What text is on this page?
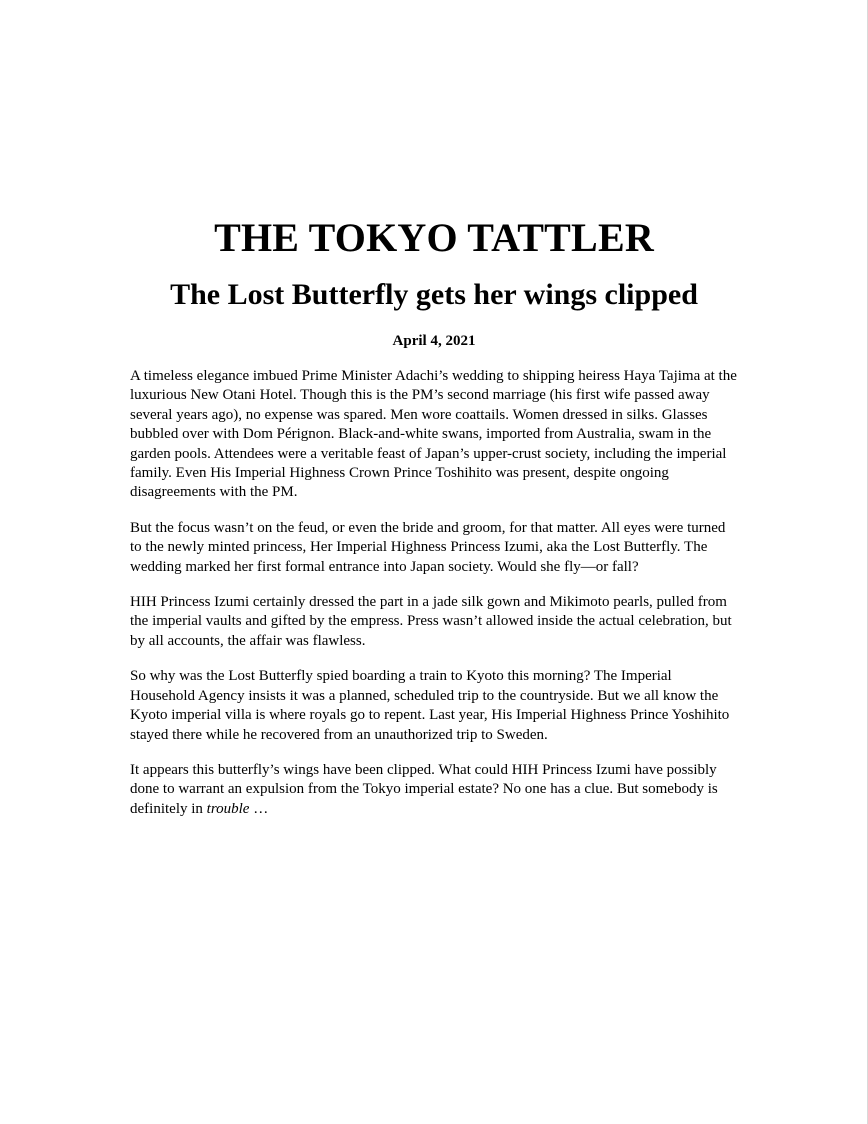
THE TOKYO TATTLER
The Lost Butterfly gets her wings clipped
April 4, 2021

A timeless elegance imbued Prime Minister Adachi’s wedding to shipping heiress Haya Tajima at the luxurious New Otani Hotel. Though this is the PM’s second marriage (his first wife passed away several years ago), no expense was spared. Men wore coattails. Women dressed in silks. Glasses bubbled over with Dom Pérignon. Black-and-white swans, imported from Australia, swam in the garden pools. Attendees were a veritable feast of Japan’s upper-crust society, including the imperial family. Even His Imperial Highness Crown Prince Toshihito was present, despite ongoing disagreements with the PM.

But the focus wasn’t on the feud, or even the bride and groom, for that matter. All eyes were turned to the newly minted princess, Her Imperial Highness Princess Izumi, aka the Lost Butterfly. The wedding marked her first formal entrance into Japan society. Would she fly—or fall?

HIH Princess Izumi certainly dressed the part in a jade silk gown and Mikimoto pearls, pulled from the imperial vaults and gifted by the empress. Press wasn’t allowed inside the actual celebration, but by all accounts, the affair was flawless.

So why was the Lost Butterfly spied boarding a train to Kyoto this morning? The Imperial Household Agency insists it was a planned, scheduled trip to the countryside. But we all know the Kyoto imperial villa is where royals go to repent. Last year, His Imperial Highness Prince Yoshihito stayed there while he recovered from an unauthorized trip to Sweden.

It appears this butterfly’s wings have been clipped. What could HIH Princess Izumi have possibly done to warrant an expulsion from the Tokyo imperial estate? No one has a clue. But somebody is definitely in trouble …
